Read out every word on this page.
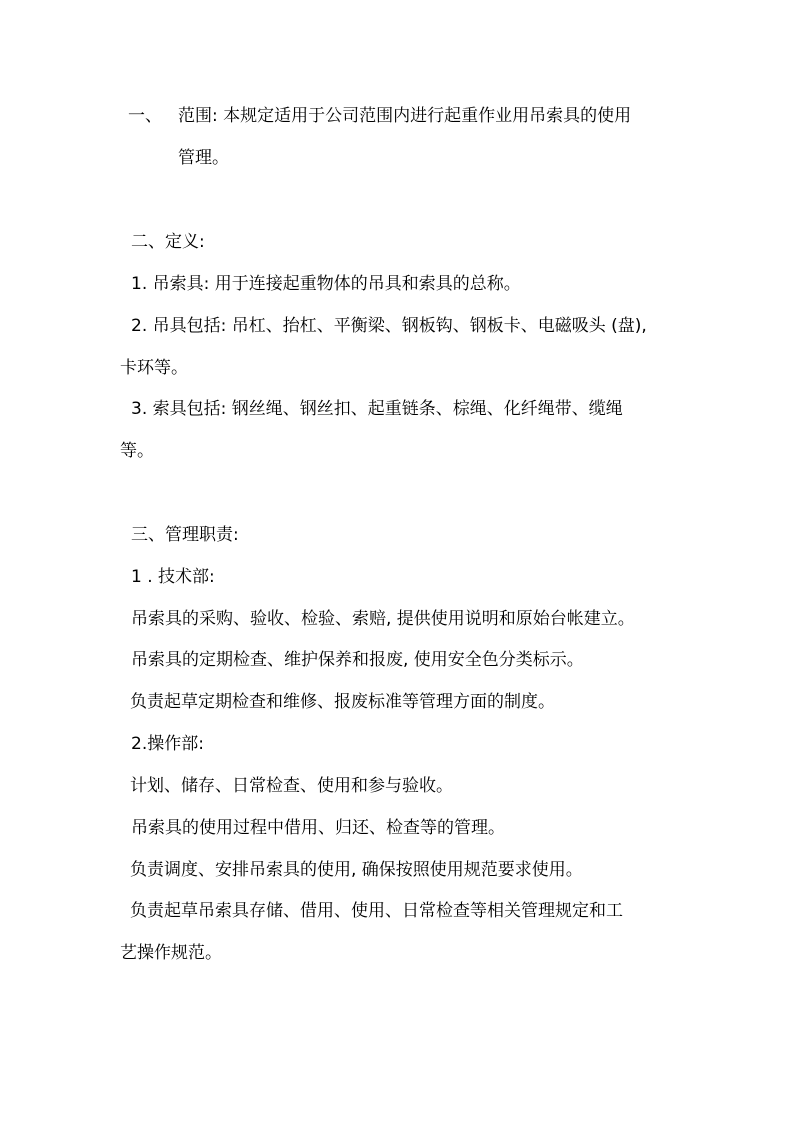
一、 范围: 本规定适用于公司范围内进行起重作业用吊索具的使用
管理。
二、定义:
1. 吊索具: 用于连接起重物体的吊具和索具的总称。
2. 吊具包括: 吊杠、抬杠、平衡梁、钢板钩、钢板卡、电磁吸头 (盘),
卡环等。
3. 索具包括: 钢丝绳、钢丝扣、起重链条、棕绳、化纤绳带、缆绳
等。
三、管理职责:
1 . 技术部:
吊索具的采购、验收、检验、索赔, 提供使用说明和原始台帐建立。
吊索具的定期检查、维护保养和报废, 使用安全色分类标示。
负责起草定期检查和维修、报废标准等管理方面的制度。
2.操作部:
计划、储存、日常检查、使用和参与验收。
吊索具的使用过程中借用、归还、检查等的管理。
负责调度、安排吊索具的使用, 确保按照使用规范要求使用。
负责起草吊索具存储、借用、使用、日常检查等相关管理规定和工
艺操作规范。
